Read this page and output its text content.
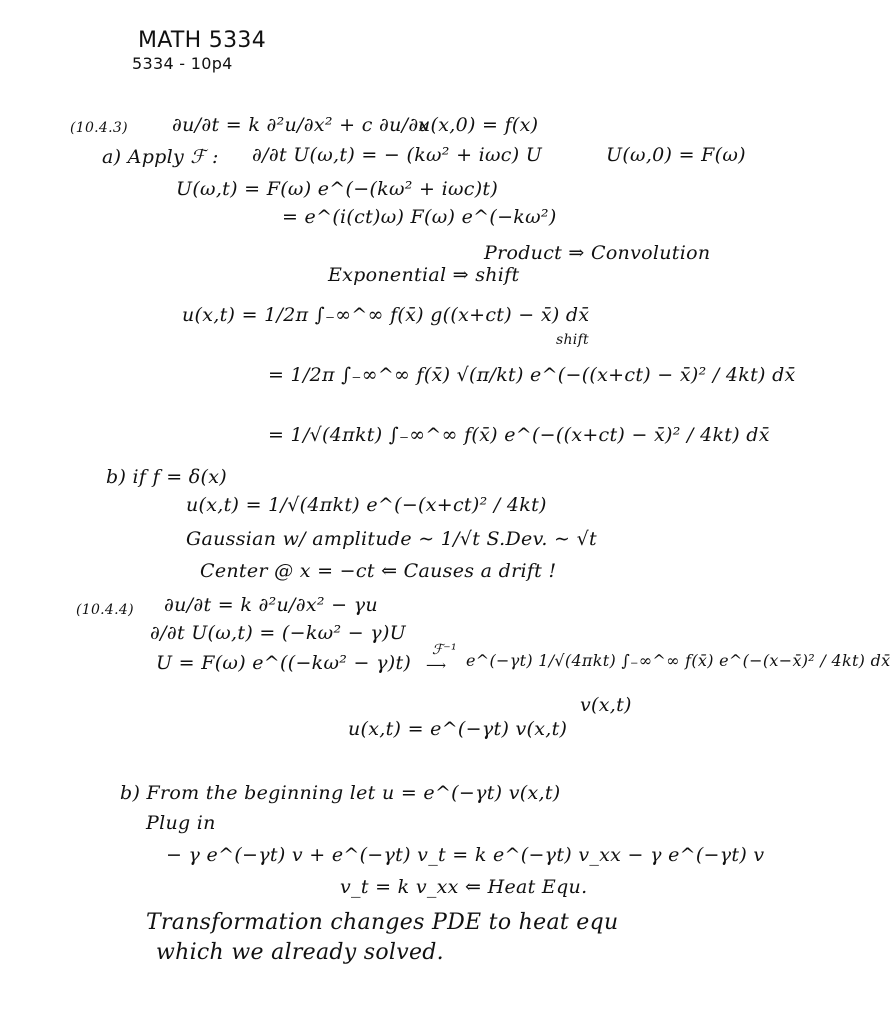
MATH 5334
5334 - 10p4
(10.4.3) ∂u/∂t = k ∂²u/∂x² + c ∂u/∂x
u(x,0) = f(x)
a) Apply ℱ : ∂/∂t U(ω,t) = − (kω² + iωc) U	U(ω,0) = F(ω)
U(ω,t) = F(ω) e^(−(kω² + iωc)t)
= e^(i(ct)ω) F(ω) e^(−kω²)
Product ⇒ Convolution
Exponential ⇒ shift
u(x,t) = 1/2π ∫₋∞^∞ f(x̄) g((x+ct) − x̄) dx̄
shift
= 1/2π ∫₋∞^∞ f(x̄) √(π/kt) e^(−((x+ct) − x̄)² / 4kt) dx̄
= 1/√(4πkt) ∫₋∞^∞ f(x̄) e^(−((x+ct) − x̄)² / 4kt) dx̄
b) if f = δ(x)
u(x,t) = 1/√(4πkt) e^(−(x+ct)² / 4kt)
Gaussian w/ amplitude ∼ 1/√t S.Dev. ∼ √t
Center @ x = −ct ⇐ Causes a drift !
(10.4.4) ∂u/∂t = k ∂²u/∂x² − γu
∂/∂t U(ω,t) = (−kω² − γ)U
U = F(ω) e^((−kω² − γ)t)
ℱ⁻¹
⟶ e^(−γt) 1/√(4πkt) ∫₋∞^∞ f(x̄) e^(−(x−x̄)² / 4kt) dx̄
v(x,t)
u(x,t) = e^(−γt) v(x,t)
b) From the beginning let u = e^(−γt) v(x,t)
Plug in
− γ e^(−γt) v + e^(−γt) v_t = k e^(−γt) v_xx − γ e^(−γt) v
v_t = k v_xx ⇐ Heat Equ.
Transformation changes PDE to heat equ
which we already solved.
